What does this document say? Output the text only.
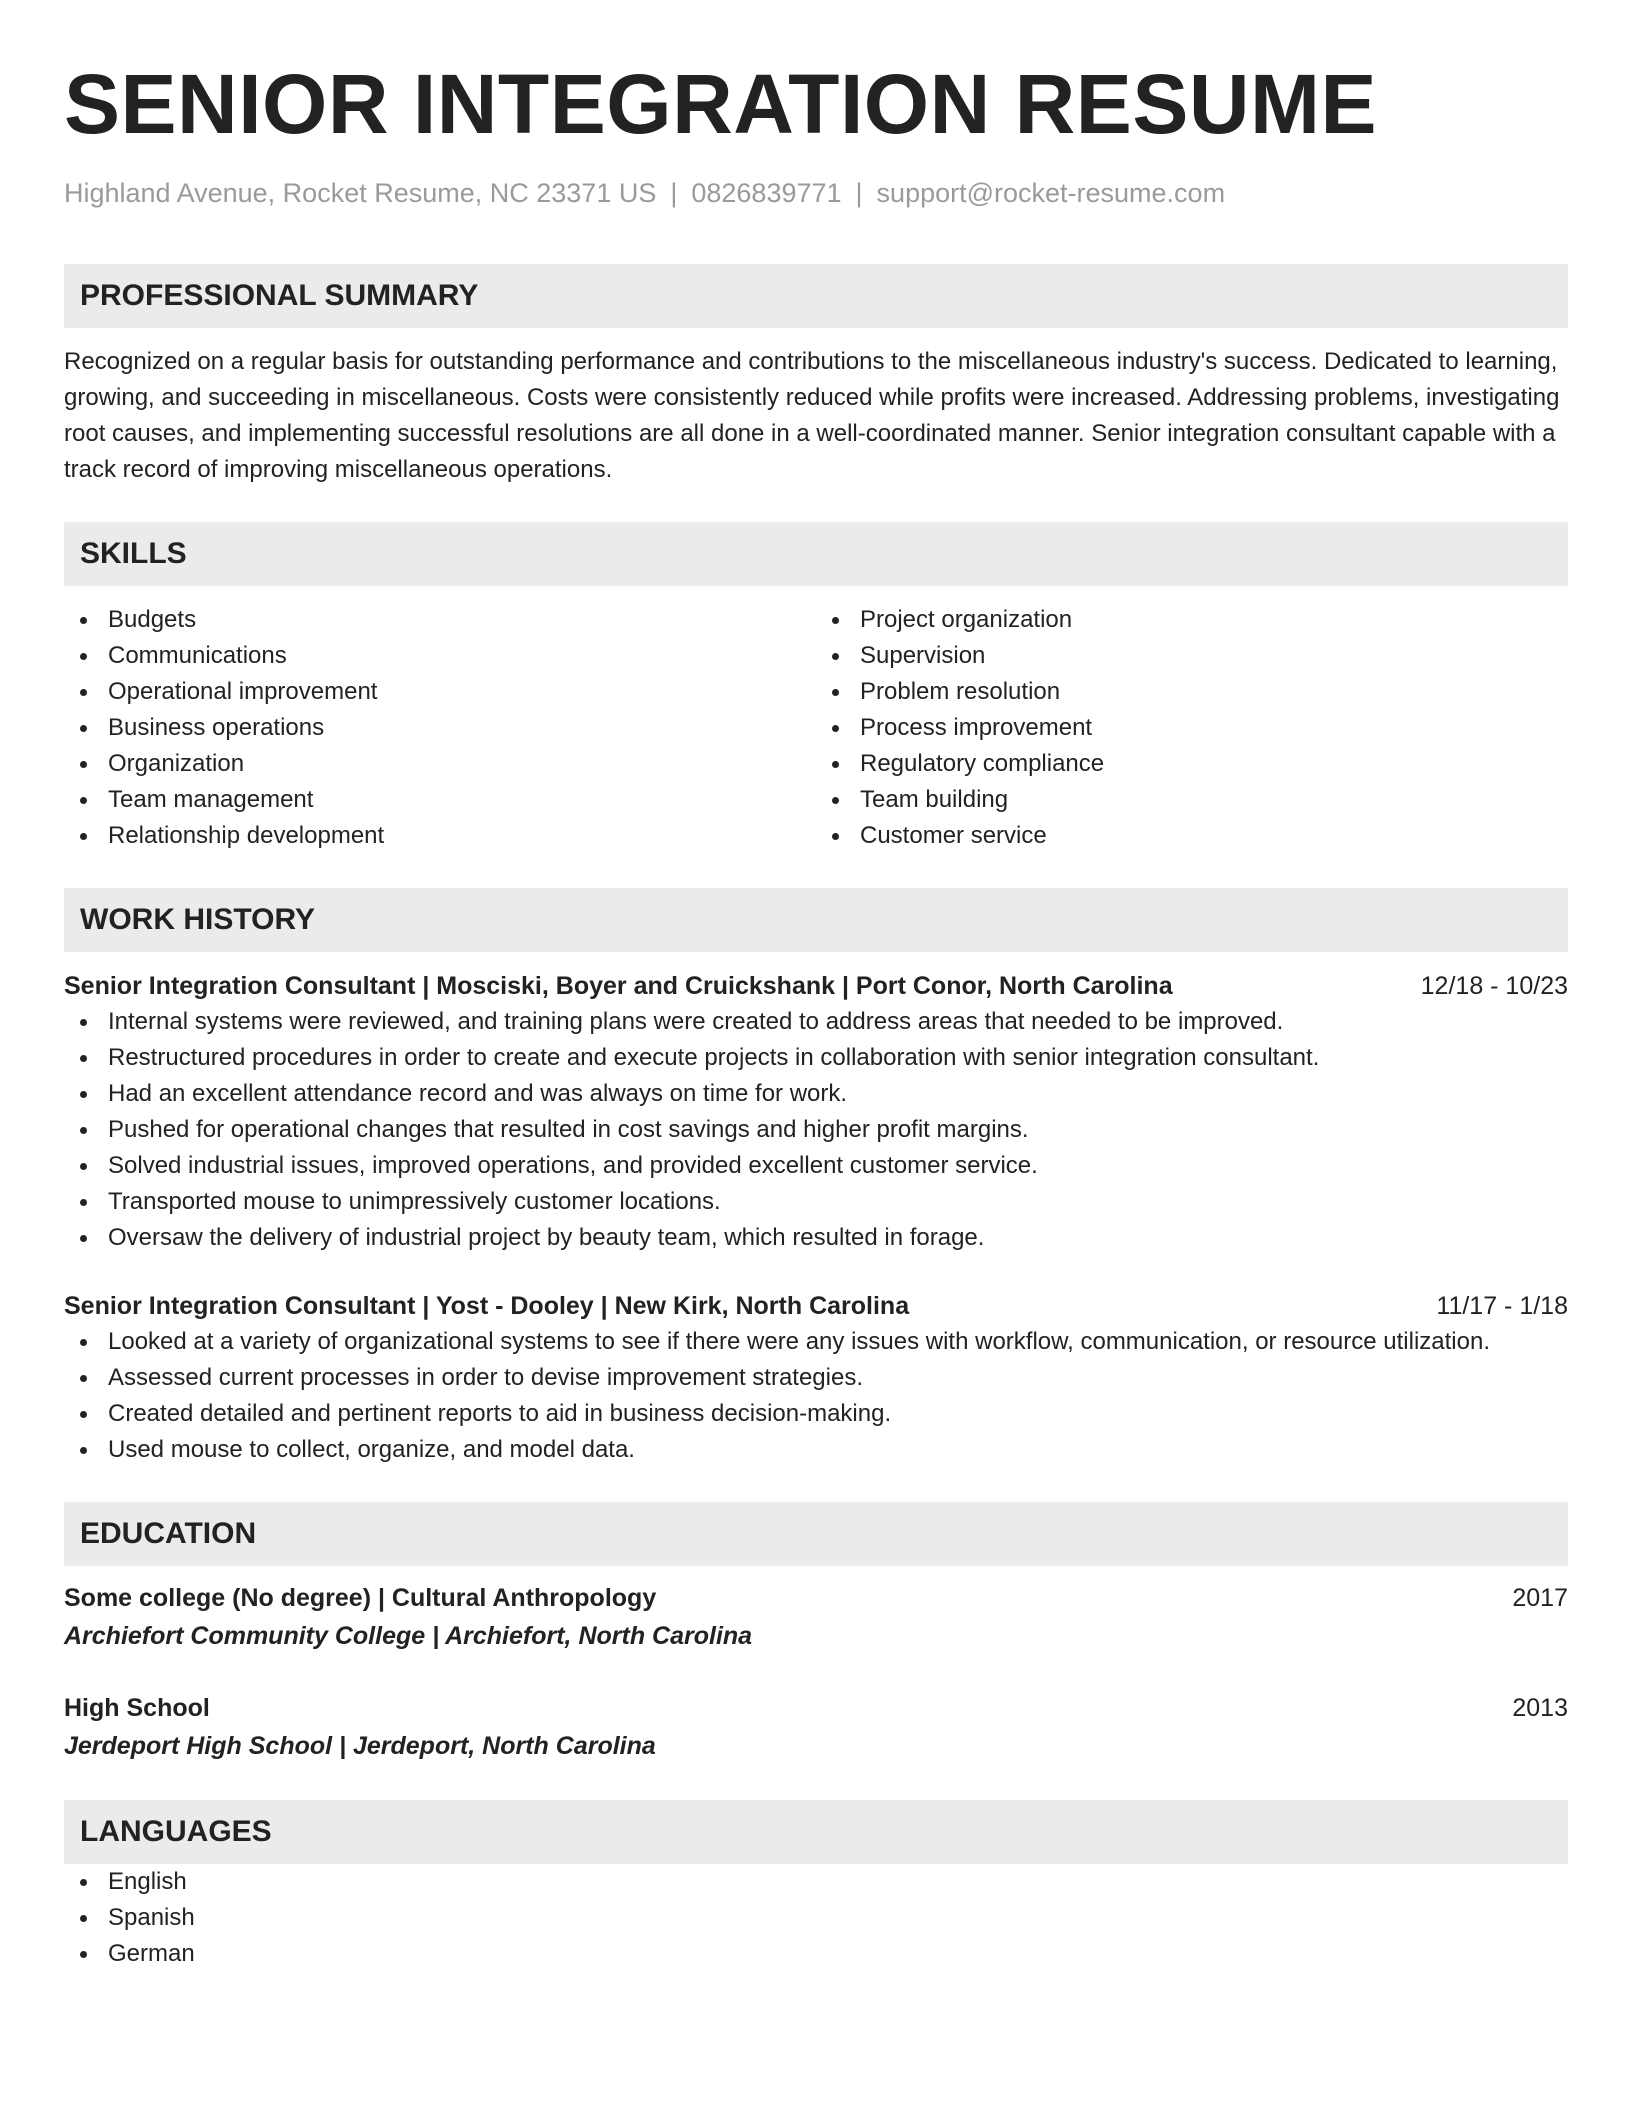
SENIOR INTEGRATION RESUME
Highland Avenue, Rocket Resume, NC 23371 US | 0826839771 | support@rocket-resume.com
PROFESSIONAL SUMMARY
Recognized on a regular basis for outstanding performance and contributions to the miscellaneous industry's success. Dedicated to learning, growing, and succeeding in miscellaneous. Costs were consistently reduced while profits were increased. Addressing problems, investigating root causes, and implementing successful resolutions are all done in a well-coordinated manner. Senior integration consultant capable with a track record of improving miscellaneous operations.
SKILLS
Budgets
Communications
Operational improvement
Business operations
Organization
Team management
Relationship development
Project organization
Supervision
Problem resolution
Process improvement
Regulatory compliance
Team building
Customer service
WORK HISTORY
Senior Integration Consultant | Mosciski, Boyer and Cruickshank | Port Conor, North Carolina	12/18 - 10/23
Internal systems were reviewed, and training plans were created to address areas that needed to be improved.
Restructured procedures in order to create and execute projects in collaboration with senior integration consultant.
Had an excellent attendance record and was always on time for work.
Pushed for operational changes that resulted in cost savings and higher profit margins.
Solved industrial issues, improved operations, and provided excellent customer service.
Transported mouse to unimpressively customer locations.
Oversaw the delivery of industrial project by beauty team, which resulted in forage.
Senior Integration Consultant | Yost - Dooley | New Kirk, North Carolina	11/17 - 1/18
Looked at a variety of organizational systems to see if there were any issues with workflow, communication, or resource utilization.
Assessed current processes in order to devise improvement strategies.
Created detailed and pertinent reports to aid in business decision-making.
Used mouse to collect, organize, and model data.
EDUCATION
Some college (No degree) | Cultural Anthropology	2017
Archiefort Community College | Archiefort, North Carolina
High School	2013
Jerdeport High School | Jerdeport, North Carolina
LANGUAGES
English
Spanish
German
